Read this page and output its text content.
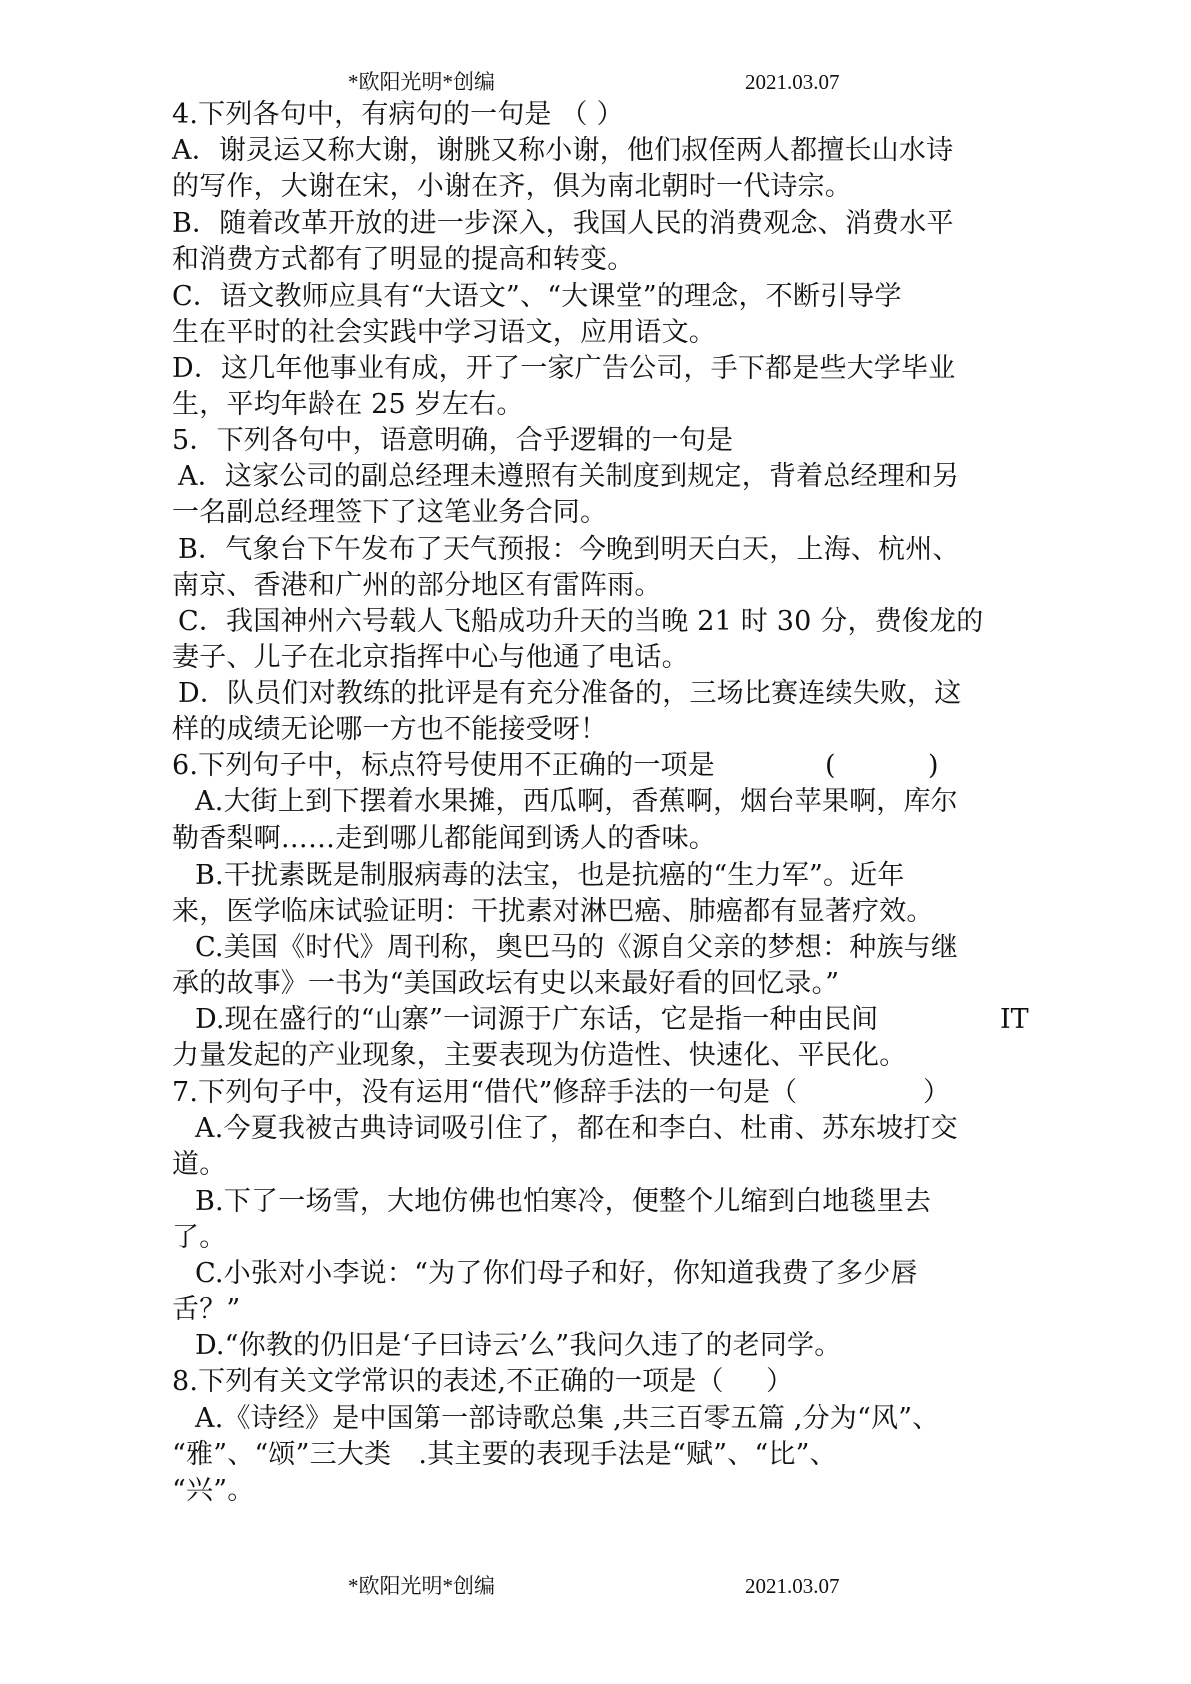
*欧阳光明*创编	2021.03.07
4.下列各句中，有病句的一句是 （ ）
A．谢灵运又称大谢，谢朓又称小谢，他们叔侄两人都擅长山水诗
的写作，大谢在宋，小谢在齐，俱为南北朝时一代诗宗。
B．随着改革开放的进一步深入，我国人民的消费观念、消费水平
和消费方式都有了明显的提高和转变。
C．语文教师应具有“大语文”、“大课堂”的理念，不断引导学
生在平时的社会实践中学习语文，应用语文。
D．这几年他事业有成，开了一家广告公司，手下都是些大学毕业
生，平均年龄在 25 岁左右。
5．下列各句中，语意明确，合乎逻辑的一句是
A．这家公司的副总经理未遵照有关制度到规定，背着总经理和另
一名副总经理签下了这笔业务合同。
B．气象台下午发布了天气预报：今晚到明天白天，上海、杭州、
南京、香港和广州的部分地区有雷阵雨。
C．我国神州六号载人飞船成功升天的当晚 21 时 30 分，费俊龙的
妻子、儿子在北京指挥中心与他通了电话。
D．队员们对教练的批评是有充分准备的，三场比赛连续失败，这
样的成绩无论哪一方也不能接受呀！
6.下列句子中，标点符号使用不正确的一项是	(	)
A.大街上到下摆着水果摊，西瓜啊，香蕉啊，烟台苹果啊，库尔
勒香梨啊……走到哪儿都能闻到诱人的香味。
B.干扰素既是制服病毒的法宝，也是抗癌的“生力军”。近年
来，医学临床试验证明：干扰素对淋巴癌、肺癌都有显著疗效。
C.美国《时代》周刊称，奥巴马的《源自父亲的梦想：种族与继
承的故事》一书为“美国政坛有史以来最好看的回忆录。”
D.现在盛行的“山寨”一词源于广东话，它是指一种由民间	IT
力量发起的产业现象，主要表现为仿造性、快速化、平民化。
7.下列句子中，没有运用“借代”修辞手法的一句是（	）
A.今夏我被古典诗词吸引住了，都在和李白、杜甫、苏东坡打交
道。
B.下了一场雪，大地仿佛也怕寒冷，便整个儿缩到白地毯里去
了。
C.小张对小李说：“为了你们母子和好，你知道我费了多少唇
舌？”
D.“你教的仍旧是‘子曰诗云’么”我问久违了的老同学。
8.下列有关文学常识的表述,不正确的一项是（ ）
A.《诗经》是中国第一部诗歌总集 ,共三百零五篇 ,分为“风”、
“雅”、“颂”三大类　.其主要的表现手法是“赋”、“比”、
“兴”。
*欧阳光明*创编	2021.03.07
